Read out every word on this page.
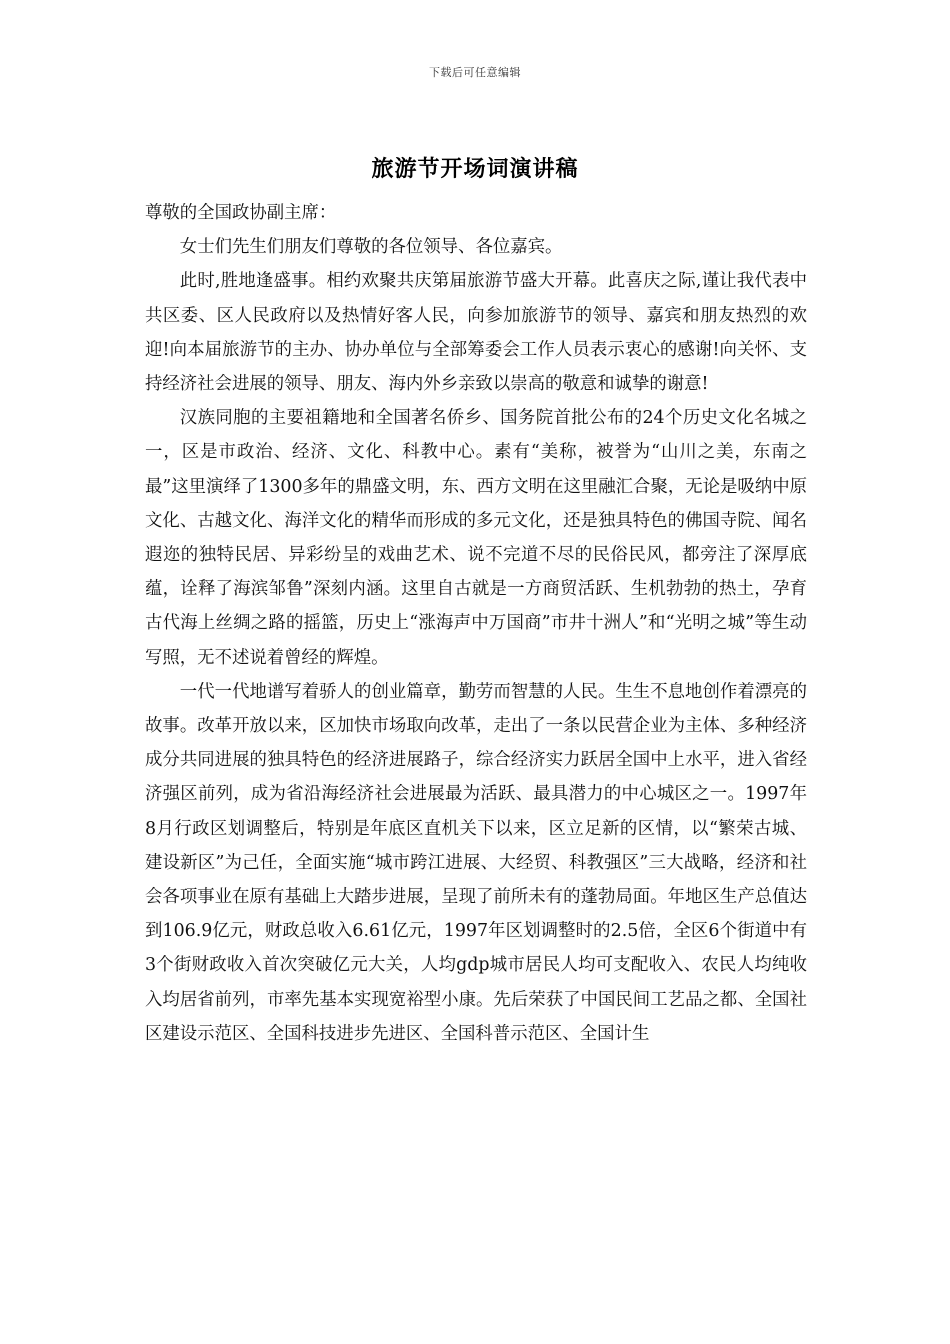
下载后可任意编辑
旅游节开场词演讲稿

尊敬的全国政协副主席：

女士们先生们朋友们尊敬的各位领导、各位嘉宾。

此时,胜地逢盛事。相约欢聚共庆第届旅游节盛大开幕。此喜庆之际,谨让我代表中共区委、区人民政府以及热情好客人民，向参加旅游节的领导、嘉宾和朋友热烈的欢迎!向本届旅游节的主办、协办单位与全部筹委会工作人员表示衷心的感谢!向关怀、支持经济社会进展的领导、朋友、海内外乡亲致以崇高的敬意和诚挚的谢意!

汉族同胞的主要祖籍地和全国著名侨乡、国务院首批公布的24个历史文化名城之一，区是市政治、经济、文化、科教中心。素有“美称，被誉为“山川之美，东南之最”这里演绎了1300多年的鼎盛文明，东、西方文明在这里融汇合聚，无论是吸纳中原文化、古越文化、海洋文化的精华而形成的多元文化，还是独具特色的佛国寺院、闻名遐迩的独特民居、异彩纷呈的戏曲艺术、说不完道不尽的民俗民风，都旁注了深厚底蕴，诠释了海滨邹鲁”深刻内涵。这里自古就是一方商贸活跃、生机勃勃的热土，孕育古代海上丝绸之路的摇篮，历史上“涨海声中万国商”市井十洲人”和“光明之城”等生动写照，无不述说着曾经的辉煌。

一代一代地谱写着骄人的创业篇章，勤劳而智慧的人民。生生不息地创作着漂亮的故事。改革开放以来，区加快市场取向改革，走出了一条以民营企业为主体、多种经济成分共同进展的独具特色的经济进展路子，综合经济实力跃居全国中上水平，进入省经济强区前列，成为省沿海经济社会进展最为活跃、最具潜力的中心城区之一。1997年8月行政区划调整后，特别是年底区直机关下以来，区立足新的区情，以“繁荣古城、建设新区”为己任，全面实施“城市跨江进展、大经贸、科教强区”三大战略，经济和社会各项事业在原有基础上大踏步进展，呈现了前所未有的蓬勃局面。年地区生产总值达到106.9亿元，财政总收入6.61亿元，1997年区划调整时的2.5倍，全区6个街道中有3个街财政收入首次突破亿元大关，人均gdp城市居民人均可支配收入、农民人均纯收入均居省前列，市率先基本实现宽裕型小康。先后荣获了中国民间工艺品之都、全国社区建设示范区、全国科技进步先进区、全国科普示范区、全国计生
